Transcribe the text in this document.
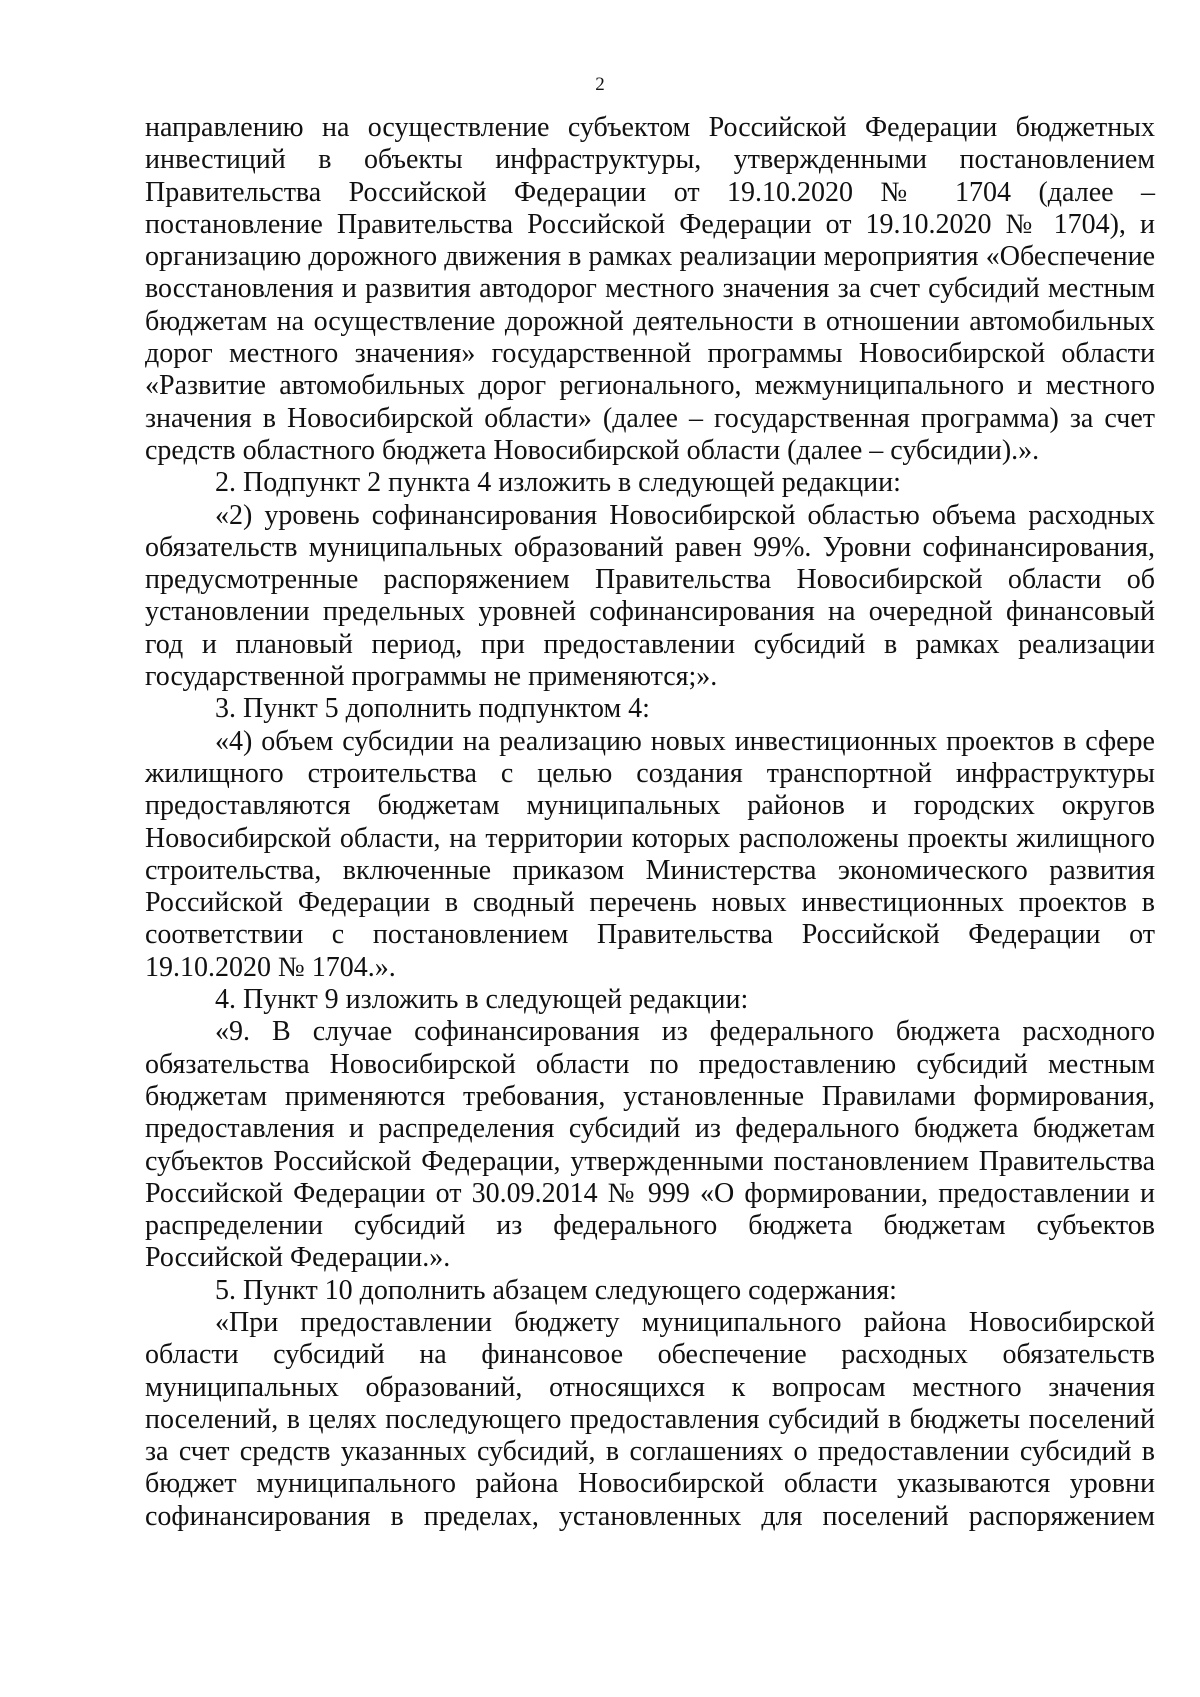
2

направлению на осуществление субъектом Российской Федерации бюджетных инвестиций в объекты инфраструктуры, утвержденными постановлением Правительства Российской Федерации от 19.10.2020 № 1704 (далее – постановление Правительства Российской Федерации от 19.10.2020 № 1704), и организацию дорожного движения в рамках реализации мероприятия «Обеспечение восстановления и развития автодорог местного значения за счет субсидий местным бюджетам на осуществление дорожной деятельности в отношении автомобильных дорог местного значения» государственной программы Новосибирской области «Развитие автомобильных дорог регионального, межмуниципального и местного значения в Новосибирской области» (далее – государственная программа) за счет средств областного бюджета Новосибирской области (далее – субсидии).».

2. Подпункт 2 пункта 4 изложить в следующей редакции:

«2) уровень софинансирования Новосибирской областью объема расходных обязательств муниципальных образований равен 99%. Уровни софинансирования, предусмотренные распоряжением Правительства Новосибирской области об установлении предельных уровней софинансирования на очередной финансовый год и плановый период, при предоставлении субсидий в рамках реализации государственной программы не применяются;».

3. Пункт 5 дополнить подпунктом 4:

«4) объем субсидии на реализацию новых инвестиционных проектов в сфере жилищного строительства с целью создания транспортной инфраструктуры предоставляются бюджетам муниципальных районов и городских округов Новосибирской области, на территории которых расположены проекты жилищного строительства, включенные приказом Министерства экономического развития Российской Федерации в сводный перечень новых инвестиционных проектов в соответствии с постановлением Правительства Российской Федерации от 19.10.2020 № 1704.».

4. Пункт 9 изложить в следующей редакции:

«9. В случае софинансирования из федерального бюджета расходного обязательства Новосибирской области по предоставлению субсидий местным бюджетам применяются требования, установленные Правилами формирования, предоставления и распределения субсидий из федерального бюджета бюджетам субъектов Российской Федерации, утвержденными постановлением Правительства Российской Федерации от 30.09.2014 № 999 «О формировании, предоставлении и распределении субсидий из федерального бюджета бюджетам субъектов Российской Федерации.».

5. Пункт 10 дополнить абзацем следующего содержания:

«При предоставлении бюджету муниципального района Новосибирской области субсидий на финансовое обеспечение расходных обязательств муниципальных образований, относящихся к вопросам местного значения поселений, в целях последующего предоставления субсидий в бюджеты поселений за счет средств указанных субсидий, в соглашениях о предоставлении субсидий в бюджет муниципального района Новосибирской области указываются уровни софинансирования в пределах, установленных для поселений распоряжением
